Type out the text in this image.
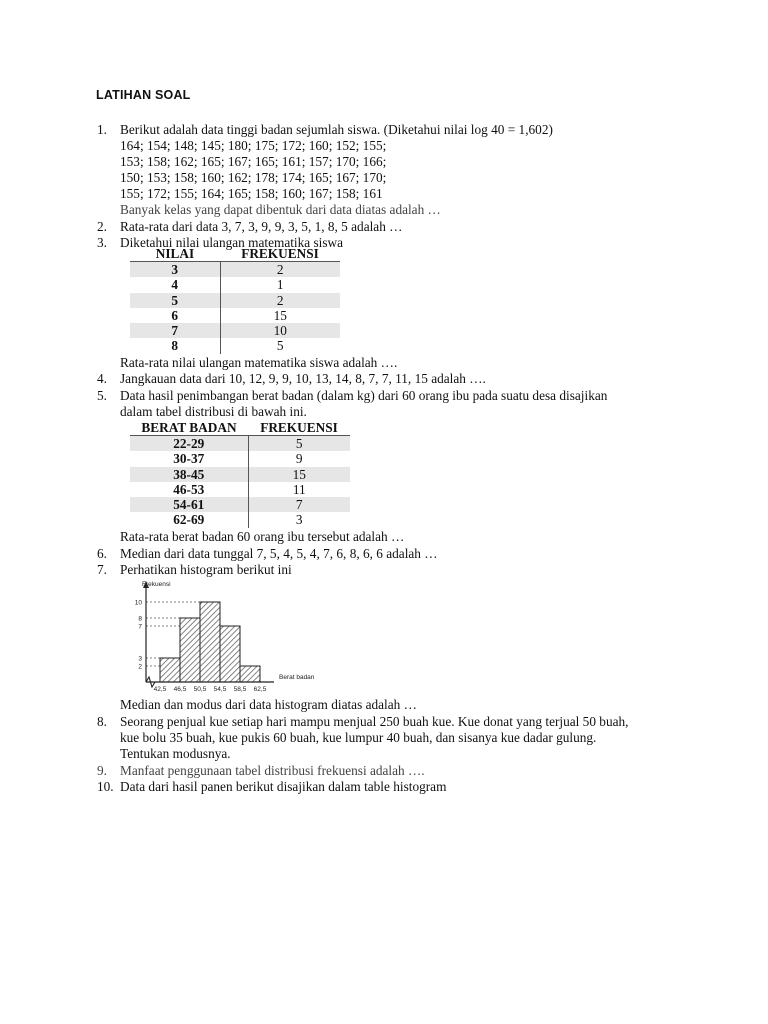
LATIHAN SOAL
1. Berikut adalah data tinggi badan sejumlah siswa. (Diketahui nilai log 40 = 1,602)
164; 154; 148; 145; 180; 175; 172; 160; 152; 155;
153; 158; 162; 165; 167; 165; 161; 157; 170; 166;
150; 153; 158; 160; 162; 178; 174; 165; 167; 170;
155; 172; 155; 164; 165; 158; 160; 167; 158; 161
Banyak kelas yang dapat dibentuk dari data diatas adalah …
2. Rata-rata dari data 3, 7, 3, 9, 9, 3, 5, 1, 8, 5 adalah …
3. Diketahui nilai ulangan matematika siswa
NILAI	FREKUENSI
3	2
4	1
5	2
6	15
7	10
8	5
Rata-rata nilai ulangan matematika siswa adalah ….
4. Jangkauan data dari 10, 12, 9, 9, 10, 13, 14, 8, 7, 7, 11, 15 adalah ….
5. Data hasil penimbangan berat badan (dalam kg) dari 60 orang ibu pada suatu desa disajikan
dalam tabel distribusi di bawah ini.
BERAT BADAN	FREKUENSI
22-29	5
30-37	9
38-45	15
46-53	11
54-61	7
62-69	3
Rata-rata berat badan 60 orang ibu tersebut adalah …
6. Median dari data tunggal 7, 5, 4, 5, 4, 7, 6, 8, 6, 6 adalah …
7. Perhatikan histogram berikut ini
2
3
7
8
10
42,5 46,5 50,5 54,5 58,5 62,5
Frekuensi
Berat badan
Median dan modus dari data histogram diatas adalah …
8. Seorang penjual kue setiap hari mampu menjual 250 buah kue. Kue donat yang terjual 50 buah,
kue bolu 35 buah, kue pukis 60 buah, kue lumpur 40 buah, dan sisanya kue dadar gulung.
Tentukan modusnya.
9. Manfaat penggunaan tabel distribusi frekuensi adalah ….
10. Data dari hasil panen berikut disajikan dalam table histogram
